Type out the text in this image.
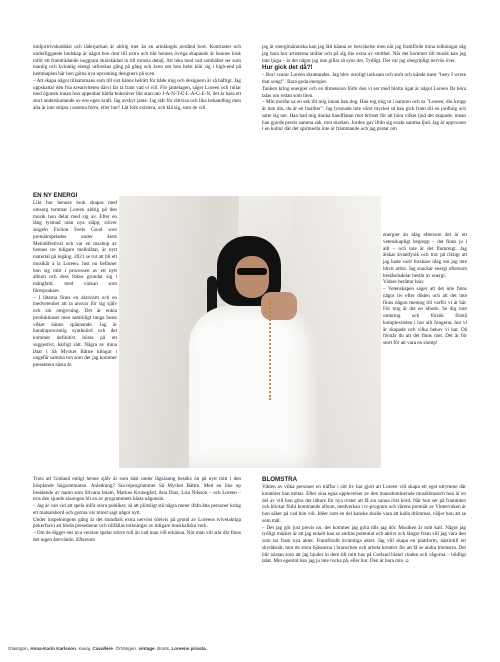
midjortrivshonbäst och läderjackan är aldrig mer än en armlängds avstånd bort. Kontraster och underliggande budskap är något hon drar till extra och likt hennes övriga skapande är hennes look inför ett framträdande noggrant skärskådad in till minsta detalj. Att leka med vad samhället ser som manlig och kvinnlig energi utforskas gång på gång och även om hon helst klär sig i high-end på hemmaplan bär hon gärna nya upcoming designers på scen.

– Att skapa något tillsammans som till sist känns helrätt för både mig och designern är så häftigt. Jag uppskattar den fria kreativiteten därvi far ta fram vad vi vill. För jantelagen, säger Loreen och rullar med ögonen innan hon uppenbar hårda bokstäver likt staccato J-A-N-T-E-L-A-G-E-N, det är bara ett stort underskattande av ens egen kraft. Jag avskyr jante. Jag står för rättvisa och lika behandling men alla är inte stöpta i samma form, eller hur? Låt folk existera, och klä sig, som de vill.

EN NY ENERGI

Likt hur hennes look skapas med omsorg tummar Loreen aldrig på den musik hon delar med sig av. Efter en lång tystnad utan nya släpp, stöver singeln Fiction Feels Good som premiärspelades under årets Melodifestival och var en mashup av hennes tre tidigare mellolåtar, är nytt material på ingång. 2021 se rut att bli ett musikår à la Loreen. Just nu befinner hon sig mitt i processen av ett nytt album och dess fokus grundar sig i mångfald, med vinkan som föresprakare.

– I låtarna finns en aktivism och en medvetenhet att ta ansvar för sig själv och sin omgivning. Det är enkla produktioner men samtidigt tunga beats vilket känns spännande. Jag är hundraprocentig synthnörd och det kommer definitivt höras på ett suggestivt, härligt sätt. Några av mina låtar i Så Mycket Bättre klingar i ungefär samma ton som det jag kommer presentera nästa år.

Trots att Gotland enligt henne själv är som bäst under lågsäsong besöks ön på nytt mitt i den hösplande högsommaren. Anledning? Succéprogrammet Så Mycket Bättre. Med en line up bestående av namn som Silvana Imam, Markus Krunegård, Ana Diaz, Lisa Nilsson – och Loreen – tros den sjunde säsongen bli en av programmets bästa någonsin.

– Jag är van vid att spela inför stora publiker, så att plötsligt stå några meter ifrån åtta personer kring ett matsalsbord och gorma var minst sagt något nytt.

Under inspelningens gång är det stundtals extra nervöst (delvis på grund av Loreens tvivelaktiga pokerface) att bleda presenterar och tillfällas tolkningar av tidigare musikaliska verk.

– Om de digger ens nya version spelar större roll än vad man vill erkänna. När man vill står där finns det ingen återvändo. Eftersom

jag är energimänniska kan jag lätt känna av besvikelse men när jag framförde mina tolkningar såg jag bara hur artisterna strålar och på sig lite extra av stolthet. När det kommer till musik kan jag inte ljuga – är det något jag inte gillar så syns det. Tydligt. Det var jag obegripligt nervös över.

Hur gick det då?!

– Bra! svarar Loreen skrattandes. Jag blev otroligt tacksam och stolt och kände mest "heey I wrote that song!". Bara goda energier.

Tanken kring energier och en dimension förbi den vi ser med blotta ögat är något Loreen får höra talas om redan som liten.

– Min morfar sa en sak till mig innan han dog. Han tog mig ut i naturen och sa "Loreen, din kropp är inte din, du är en fasiliter". Jag lyssnade inte värst mycket så han gick fram till en jordhög och satte sig ner. Han bad mig dunka handflatan mot bröstet för att höra vilket ljud det skapade, innan han gjorde precis samma sak, mot marken. Jorden gav ifrån sig exakt samma ljud. Jag är uppvuxen i en kultur där det spirituella inte är främmande och jag pratar om

energier än idag eftersom det är ett vetenskapligt begrepp – det finns ju i allt – och inte är det flummigt. Jag älskar kvantfysik och tror på riktigt att jag hade varit forskare idag om jag inte blivit artist. Jag snackar energi eftersom beståndsdelar består av energi.

Vidare berättar hon:

– Vetenskapen säger att det inte finns något liv efter döden och att det inte finns någon mening till varför vi är här. För mig är det en idiotie. Se dig runt omkring och försök förstå komplexiteten i hur allt fungerar, hur vi är skapade och vilka behov vi har. Då förstår du att det finns mer. Det är för stort för att vara en slump!

BLOMSTRA

Vikten av vilka personer en träffar i sitt liv har gjort att Loreen vill skapa ett eget utrymme där kreatörer kan mötas. Efter sina egna upplevelser av den mansdominerade musikbransch hon är en del av vill hon göra det lättare för nya röster att få sin sanna röst hörd. När hon ser på framtiden och blickar förbi kommande album, medverkan i tv-program och vårens premiär av Vintervoken är hon säker på vad hon vill. Idéer som en del kanske skulle vara att kalla drömmar, väljer hon att se som mål.

– Det jag gör just precis nu, det kommer jag göra tills jag dör. Musiken är mitt kall. Något jag tydligt märker är att jag enkelt kan se andras potential och aktivt och längre fram vill jag vara den som tar fram nya akter. Framförallt kvinnliga akter. Jag vill skapa en plattform, nästintill ett skyddsnät, mot de stora bjässarna i branschen och arbeta kreativt för att få se andra blomstra. Det blir nästan som att jag bjuder in dem till mitt hus på Gotland bland vinden och vågorna – bildligt talat. Min egentid kan jag ju inte rucka på, eller hur. Den är bara min ☺

Glasögon, Anna-Karin Karlsson. Kavaj, Cavallere. Örhängen, vintage. Boots, Loreens privata.
